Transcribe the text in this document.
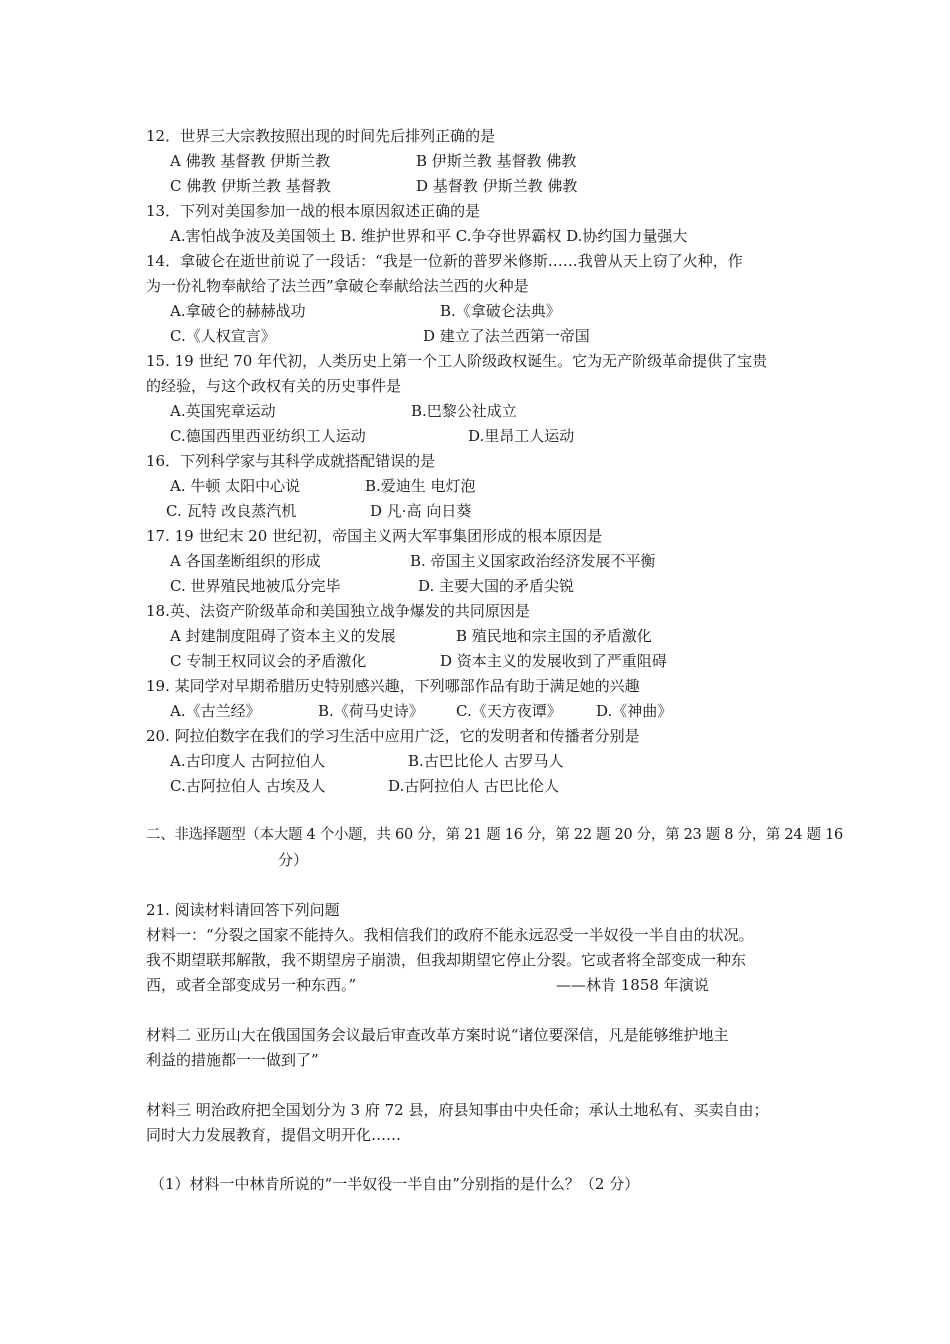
12．世界三大宗教按照出现的时间先后排列正确的是
A 佛教 基督教 伊斯兰教	B 伊斯兰教 基督教 佛教
C 佛教 伊斯兰教 基督教	D 基督教 伊斯兰教 佛教
13．下列对美国参加一战的根本原因叙述正确的是
A.害怕战争波及美国领土 B. 维护世界和平 C.争夺世界霸权 D.协约国力量强大
14．拿破仑在逝世前说了一段话：“我是一位新的普罗米修斯……我曾从天上窃了火种，作
为一份礼物奉献给了法兰西”拿破仑奉献给法兰西的火种是
A.拿破仑的赫赫战功	B.《拿破仑法典》
C.《人权宣言》	D 建立了法兰西第一帝国
15. 19 世纪 70 年代初，人类历史上第一个工人阶级政权诞生。它为无产阶级革命提供了宝贵
的经验，与这个政权有关的历史事件是
A.英国宪章运动	B.巴黎公社成立
C.德国西里西亚纺织工人运动	D.里昂工人运动
16．下列科学家与其科学成就搭配错误的是
A. 牛顿 太阳中心说	B.爱迪生 电灯泡
C. 瓦特 改良蒸汽机	D 凡·高 向日葵
17. 19 世纪末 20 世纪初，帝国主义两大军事集团形成的根本原因是
A 各国垄断组织的形成	B. 帝国主义国家政治经济发展不平衡
C. 世界殖民地被瓜分完毕	D. 主要大国的矛盾尖锐
18.英、法资产阶级革命和美国独立战争爆发的共同原因是
A 封建制度阻碍了资本主义的发展	B 殖民地和宗主国的矛盾激化
C 专制王权同议会的矛盾激化	D 资本主义的发展收到了严重阻碍
19. 某同学对早期希腊历史特别感兴趣，下列哪部作品有助于满足她的兴趣
A.《古兰经》	B.《荷马史诗》 C.《天方夜谭》 D.《神曲》
20. 阿拉伯数字在我们的学习生活中应用广泛，它的发明者和传播者分别是
A.古印度人 古阿拉伯人	B.古巴比伦人 古罗马人
C.古阿拉伯人 古埃及人	D.古阿拉伯人 古巴比伦人
二、非选择题型（本大题 4 个小题，共 60 分，第 21 题 16 分，第 22 题 20 分，第 23 题 8 分，第 24 题 16
分）
21. 阅读材料请回答下列问题
材料一：“分裂之国家不能持久。我相信我们的政府不能永远忍受一半奴役一半自由的状况。
我不期望联邦解散，我不期望房子崩溃，但我却期望它停止分裂。它或者将全部变成一种东
西，或者全部变成另一种东西。”	——林肯 1858 年演说
材料二 亚历山大在俄国国务会议最后审查改革方案时说“诸位要深信，凡是能够维护地主
利益的措施都一一做到了”
材料三 明治政府把全国划分为 3 府 72 县，府县知事由中央任命；承认土地私有、买卖自由；
同时大力发展教育，提倡文明开化……
（1）材料一中林肯所说的“一半奴役一半自由”分别指的是什么？（2 分）
